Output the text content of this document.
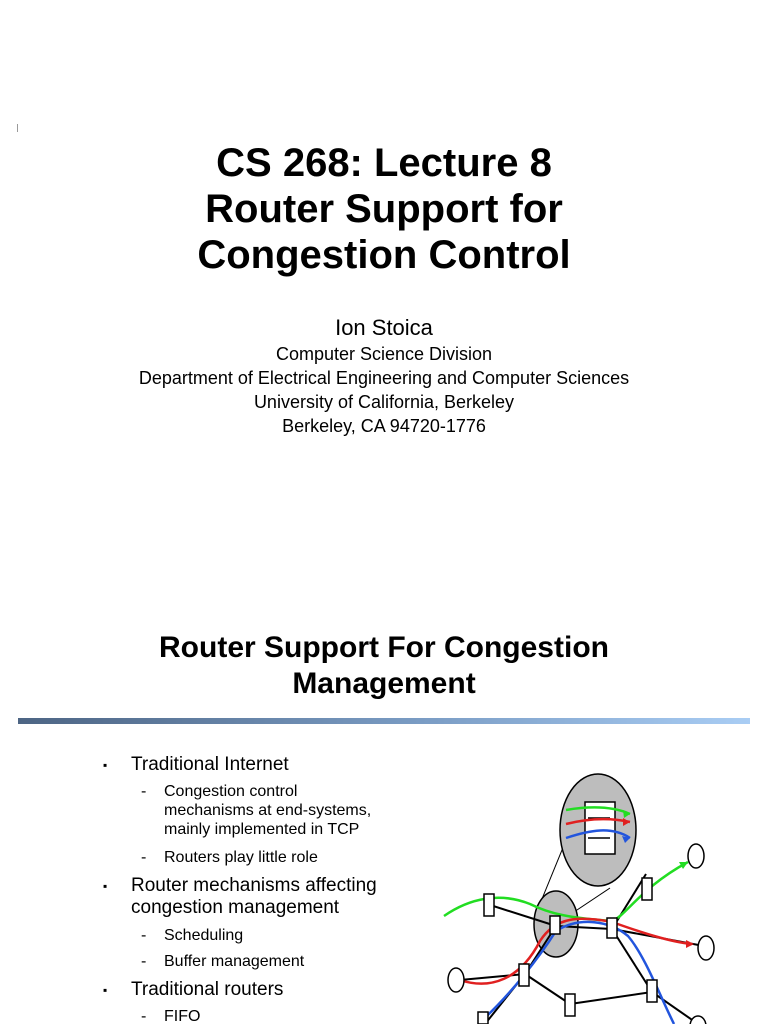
CS 268: Lecture 8
Router Support for
Congestion Control
Ion Stoica
Computer Science Division
Department of Electrical Engineering and Computer Sciences
University of California, Berkeley
Berkeley, CA 94720-1776
Router Support For Congestion
Management
▪ Traditional Internet
- Congestion control
mechanisms at end-systems,
mainly implemented in TCP
- Routers play little role
▪ Router mechanisms affecting
congestion management
- Scheduling
- Buffer management
▪ Traditional routers
- FIFO
